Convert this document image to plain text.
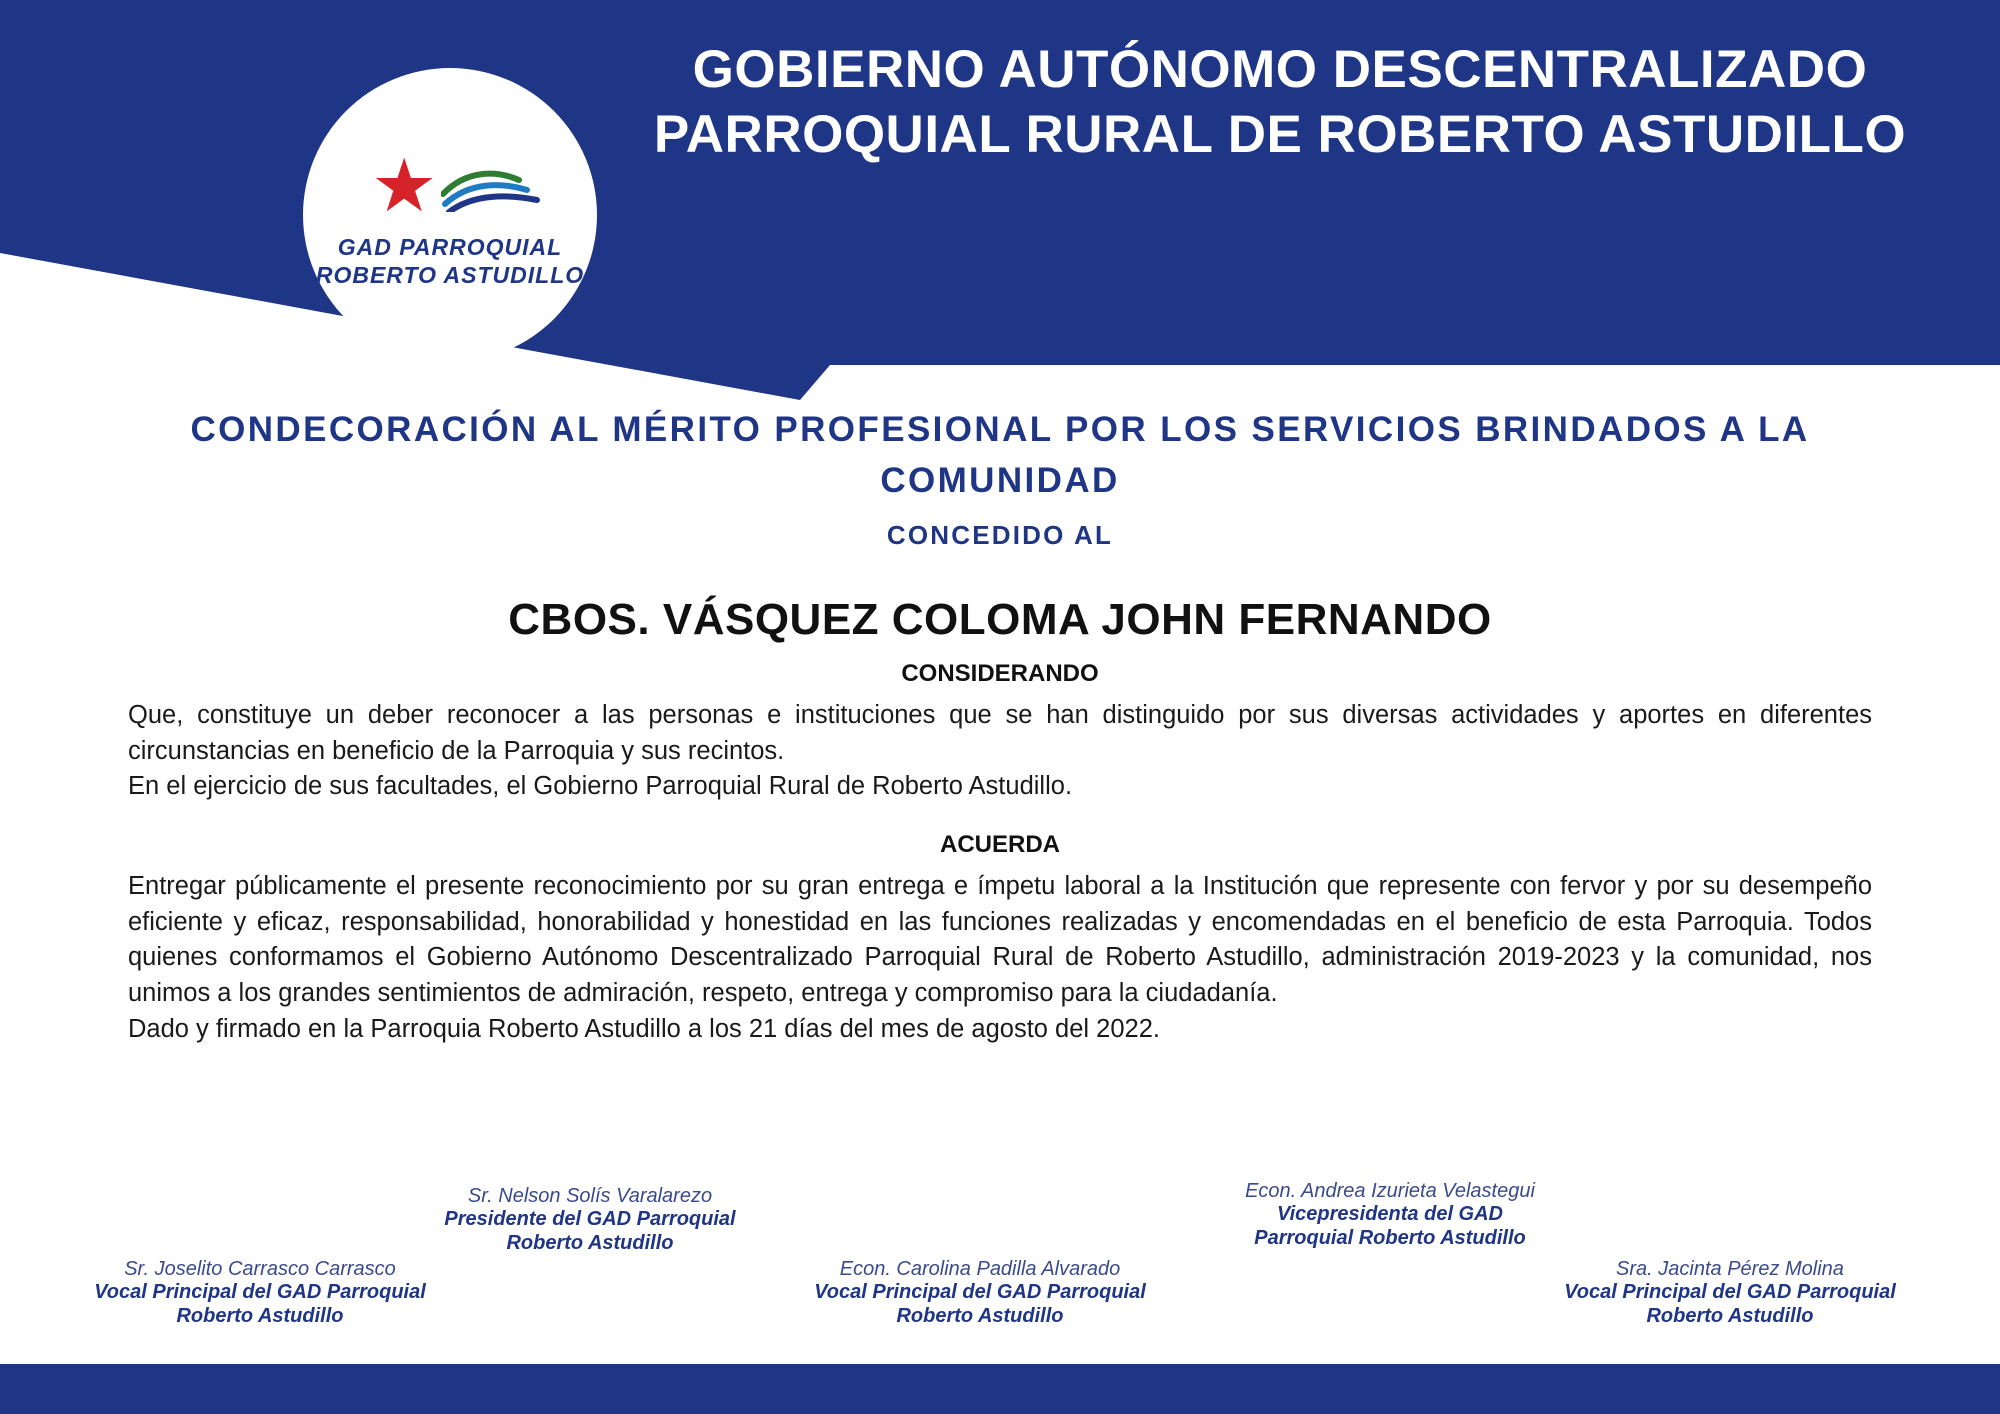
GOBIERNO AUTÓNOMO DESCENTRALIZADO PARROQUIAL RURAL DE ROBERTO ASTUDILLO
★
GAD PARROQUIAL
ROBERTO ASTUDILLO
CONDECORACIÓN AL MÉRITO PROFESIONAL POR LOS SERVICIOS BRINDADOS A LA COMUNIDAD
CONCEDIDO AL
CBOS. VÁSQUEZ COLOMA JOHN FERNANDO
CONSIDERANDO

Que, constituye un deber reconocer a las personas e instituciones que se han distinguido por sus diversas actividades y aportes en diferentes circunstancias en beneficio de la Parroquia y sus recintos.

En el ejercicio de sus facultades, el Gobierno Parroquial Rural de Roberto Astudillo.

ACUERDA

Entregar públicamente el presente reconocimiento por su gran entrega e ímpetu laboral a la Institución que represente con fervor y por su desempeño eficiente y eficaz, responsabilidad, honorabilidad y honestidad en las funciones realizadas y encomendadas en el beneficio de esta Parroquia. Todos quienes conformamos el Gobierno Autónomo Descentralizado Parroquial Rural de Roberto Astudillo, administración 2019-2023 y la comunidad, nos unimos a los grandes sentimientos de admiración, respeto, entrega y compromiso para la ciudadanía.

Dado y firmado en la Parroquia Roberto Astudillo a los 21 días del mes de agosto del 2022.

Sr. Nelson Solís Varalarezo
Presidente del GAD Parroquial
Roberto Astudillo
Econ. Andrea Izurieta Velastegui
Vicepresidenta del GAD
Parroquial Roberto Astudillo
Sr. Joselito Carrasco Carrasco
Vocal Principal del GAD Parroquial
Roberto Astudillo
Econ. Carolina Padilla Alvarado
Vocal Principal del GAD Parroquial
Roberto Astudillo
Sra. Jacinta Pérez Molina
Vocal Principal del GAD Parroquial
Roberto Astudillo
